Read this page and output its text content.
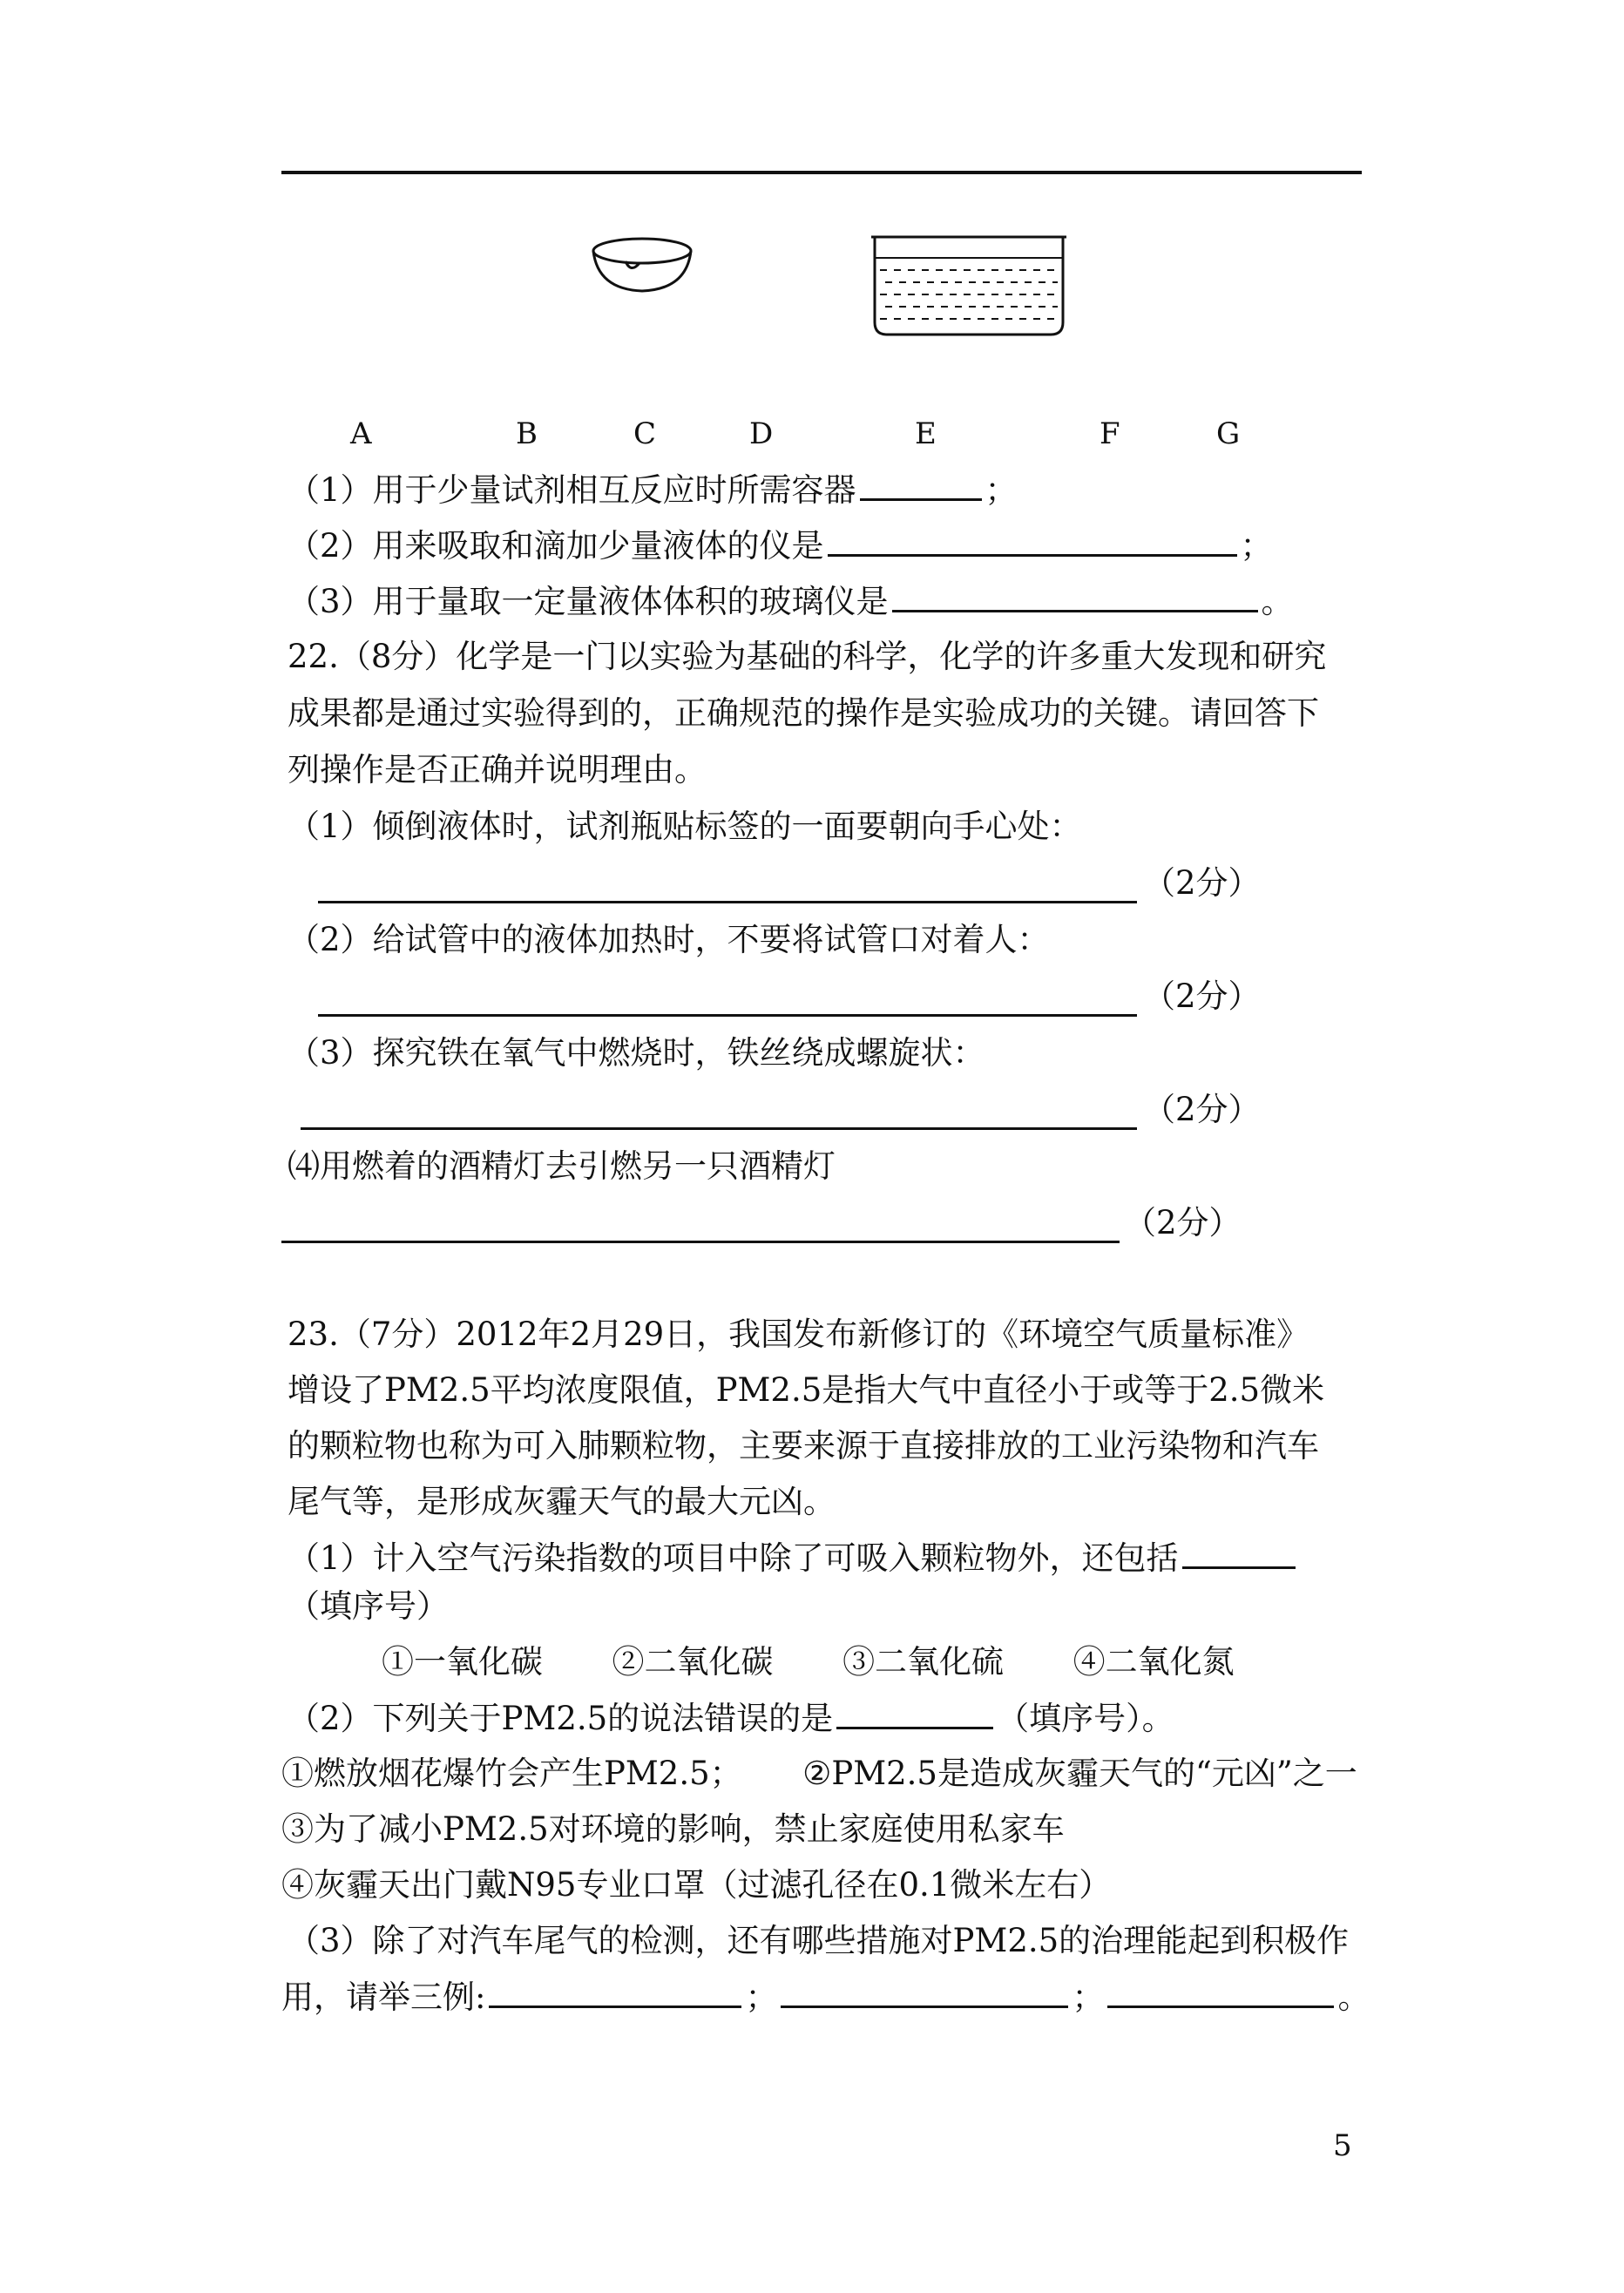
A	B	C	D	E	F	G
（1）用于少量试剂相互反应时所需容器	；
（2）用来吸取和滴加少量液体的仪是	；
（3）用于量取一定量液体体积的玻璃仪是	。
22.（8分）化学是一门以实验为基础的科学，化学的许多重大发现和研究
成果都是通过实验得到的，正确规范的操作是实验成功的关键。请回答下
列操作是否正确并说明理由。
（1）倾倒液体时，试剂瓶贴标签的一面要朝向手心处：
（2分）
（2）给试管中的液体加热时，不要将试管口对着人：
（2分）
（3）探究铁在氧气中燃烧时，铁丝绕成螺旋状：
（2分）
⑷用燃着的酒精灯去引燃另一只酒精灯
（2分）
23.（7分）2012年2月29日，我国发布新修订的《环境空气质量标准》
增设了PM2.5平均浓度限值，PM2.5是指大气中直径小于或等于2.5微米
的颗粒物也称为可入肺颗粒物，主要来源于直接排放的工业污染物和汽车
尾气等，是形成灰霾天气的最大元凶。
（1）计入空气污染指数的项目中除了可吸入颗粒物外，还包括
（填序号）
①一氧化碳 ②二氧化碳 ③二氧化硫 ④二氧化氮
（2）下列关于PM2.5的说法错误的是	（填序号）。
①燃放烟花爆竹会产生PM2.5； ②PM2.5是造成灰霾天气的“元凶”之一
③为了减小PM2.5对环境的影响，禁止家庭使用私家车
④灰霾天出门戴N95专业口罩（过滤孔径在0.1微米左右）
（3）除了对汽车尾气的检测，还有哪些措施对PM2.5的治理能起到积极作
用，请举三例:	；	；	。
5
